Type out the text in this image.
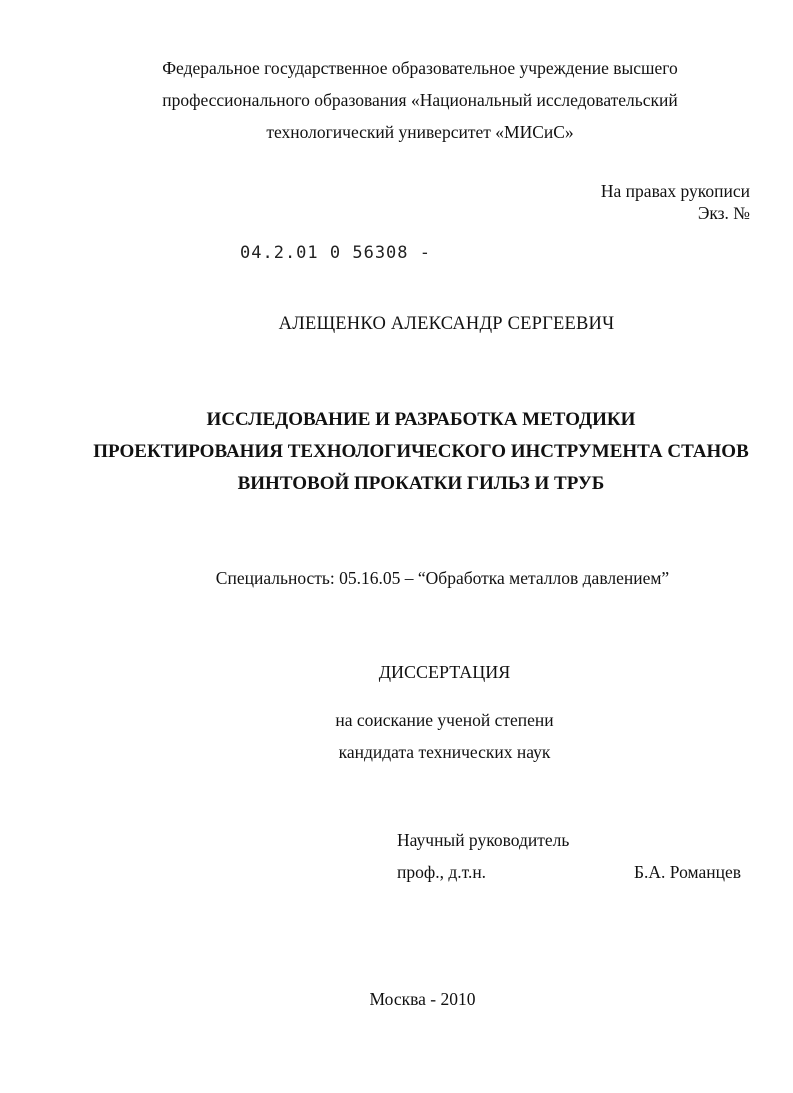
Федеральное государственное образовательное учреждение высшего
профессионального образования «Национальный исследовательский
технологический университет «МИСиС»
На правах рукописи
Экз. №
04.2.01 0 56308 -
АЛЕЩЕНКО АЛЕКСАНДР СЕРГЕЕВИЧ
ИССЛЕДОВАНИЕ И РАЗРАБОТКА МЕТОДИКИ
ПРОЕКТИРОВАНИЯ ТЕХНОЛОГИЧЕСКОГО ИНСТРУМЕНТА СТАНОВ
ВИНТОВОЙ ПРОКАТКИ ГИЛЬЗ И ТРУБ
Специальность: 05.16.05 – “Обработка металлов давлением”
ДИССЕРТАЦИЯ
на соискание ученой степени
кандидата технических наук
Научный руководитель
проф., д.т.н.	Б.А. Романцев
Москва - 2010
